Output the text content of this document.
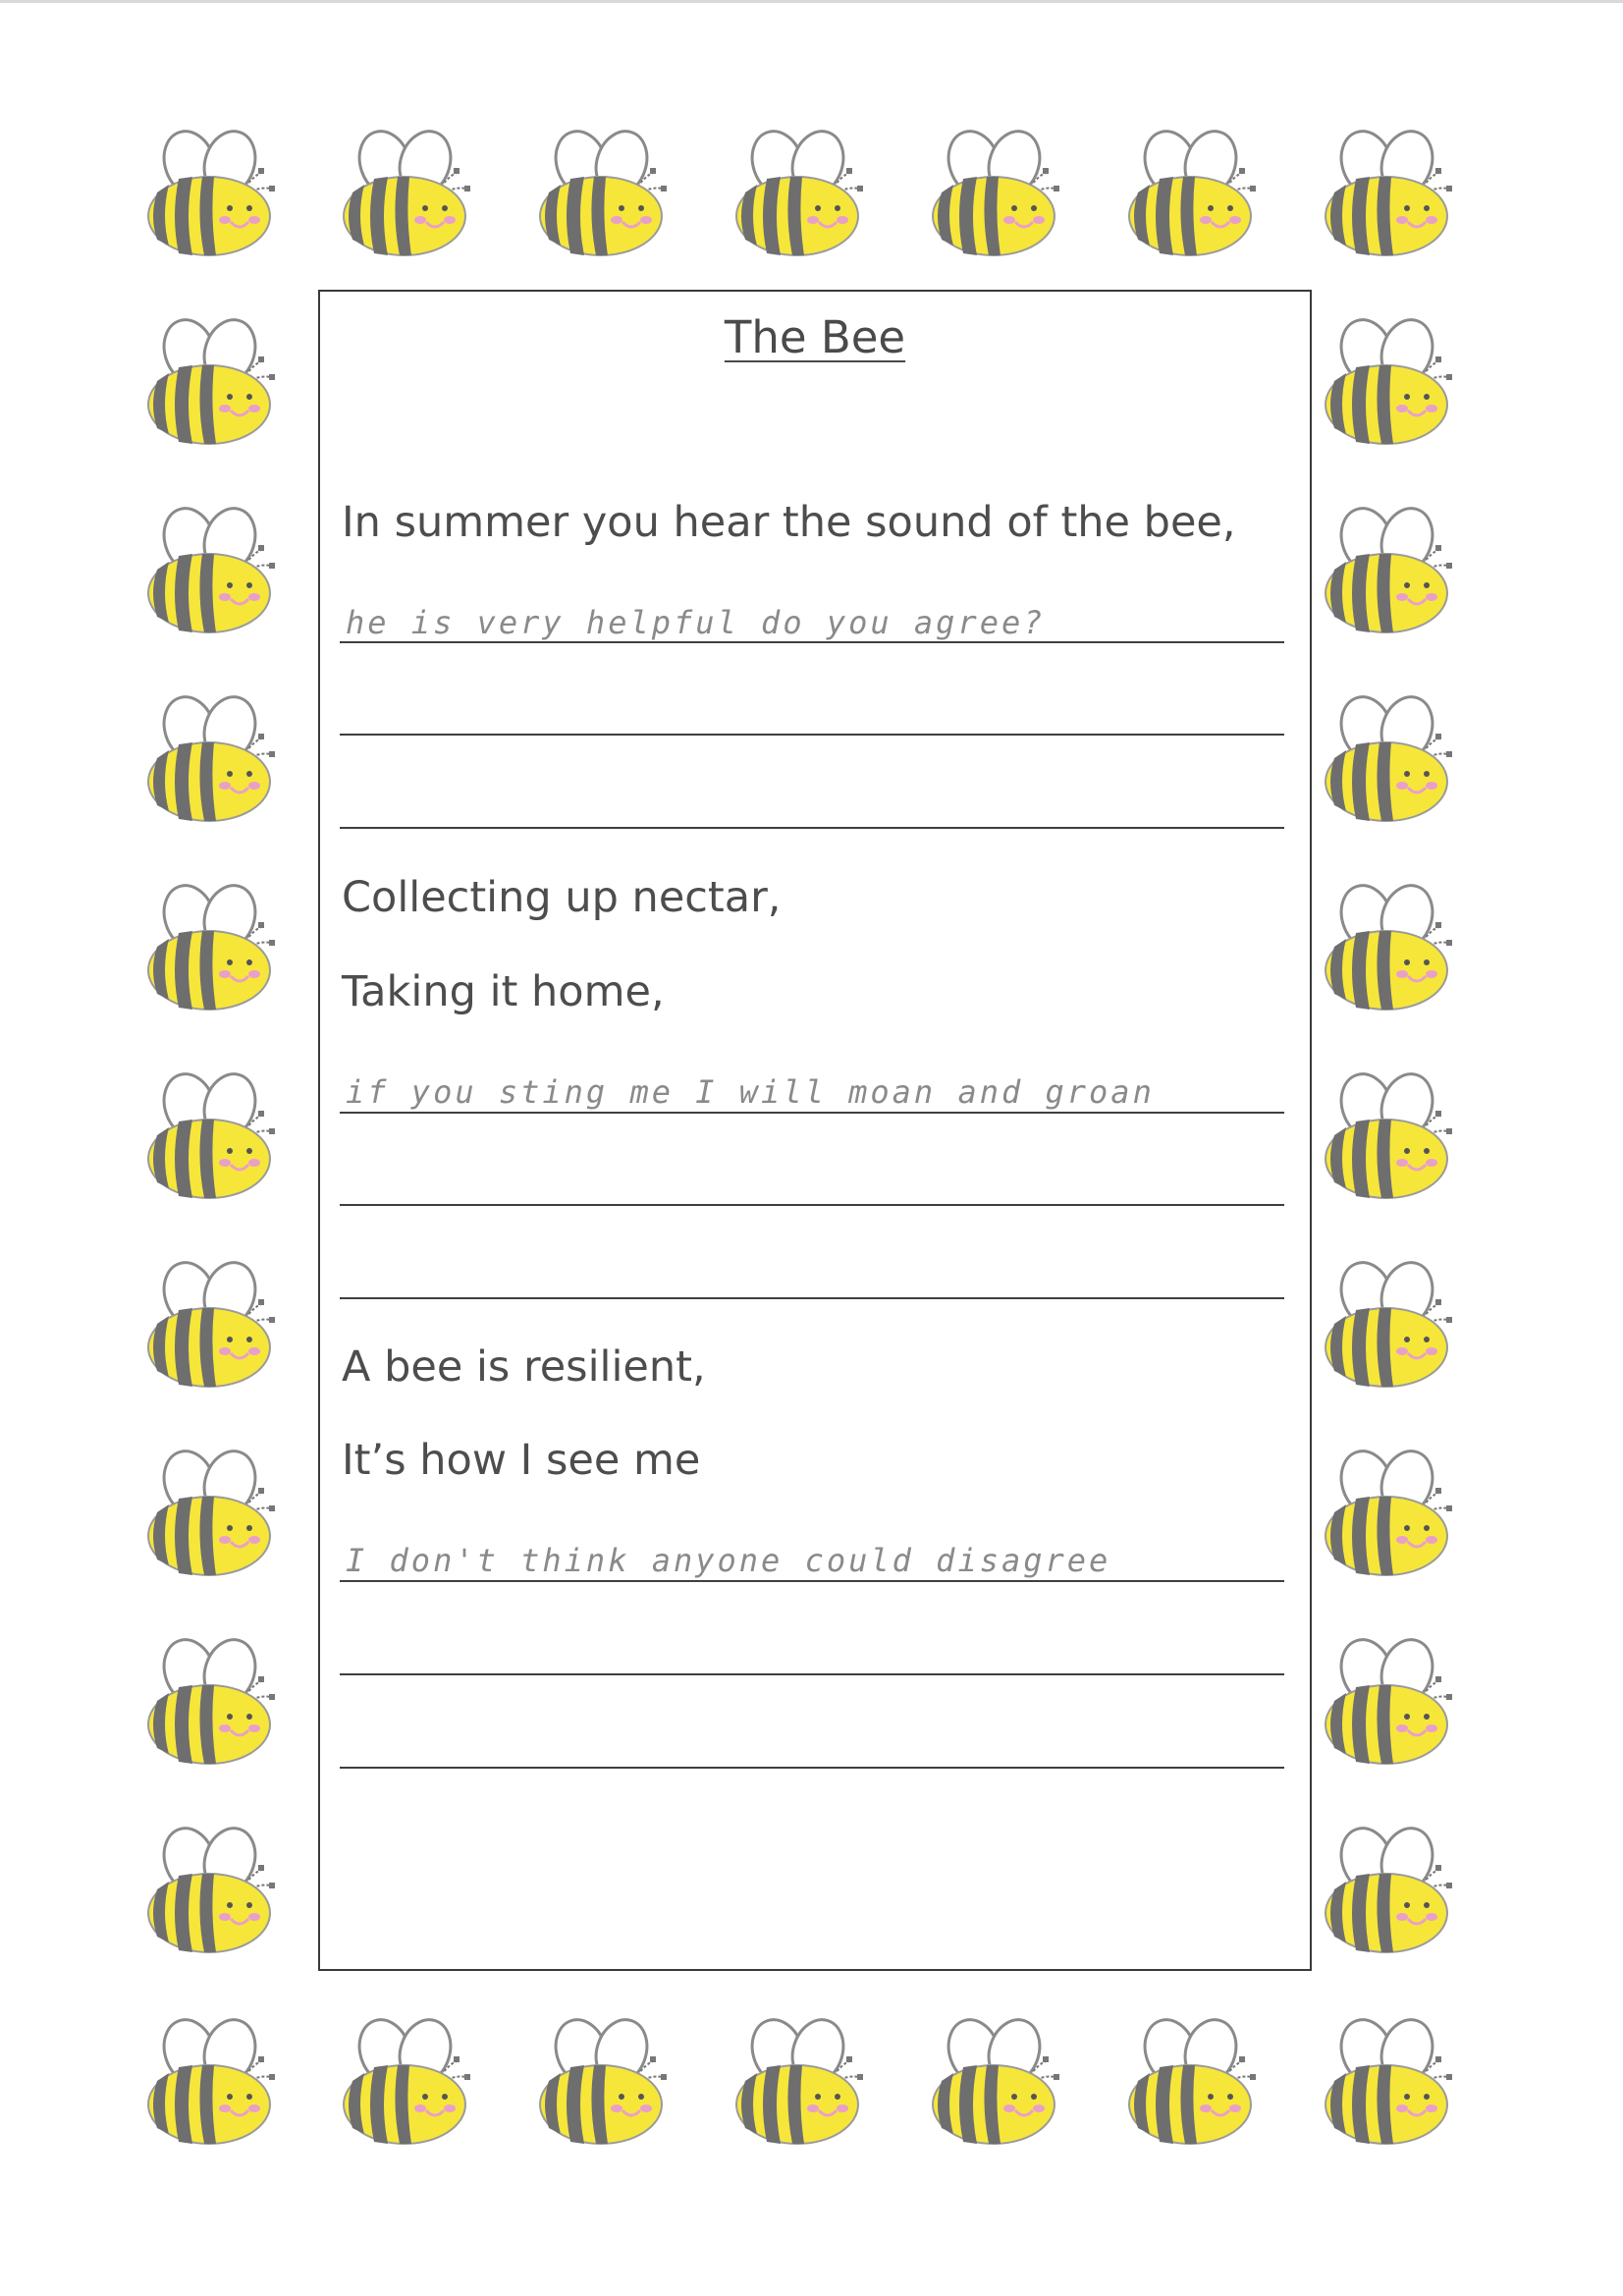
The Bee
In summer you hear the sound of the bee,
he is very helpful do you agree?
Collecting up nectar,
Taking it home,
if you sting me I will moan and groan
A bee is resilient,
It’s how I see me
I don't think anyone could disagree
